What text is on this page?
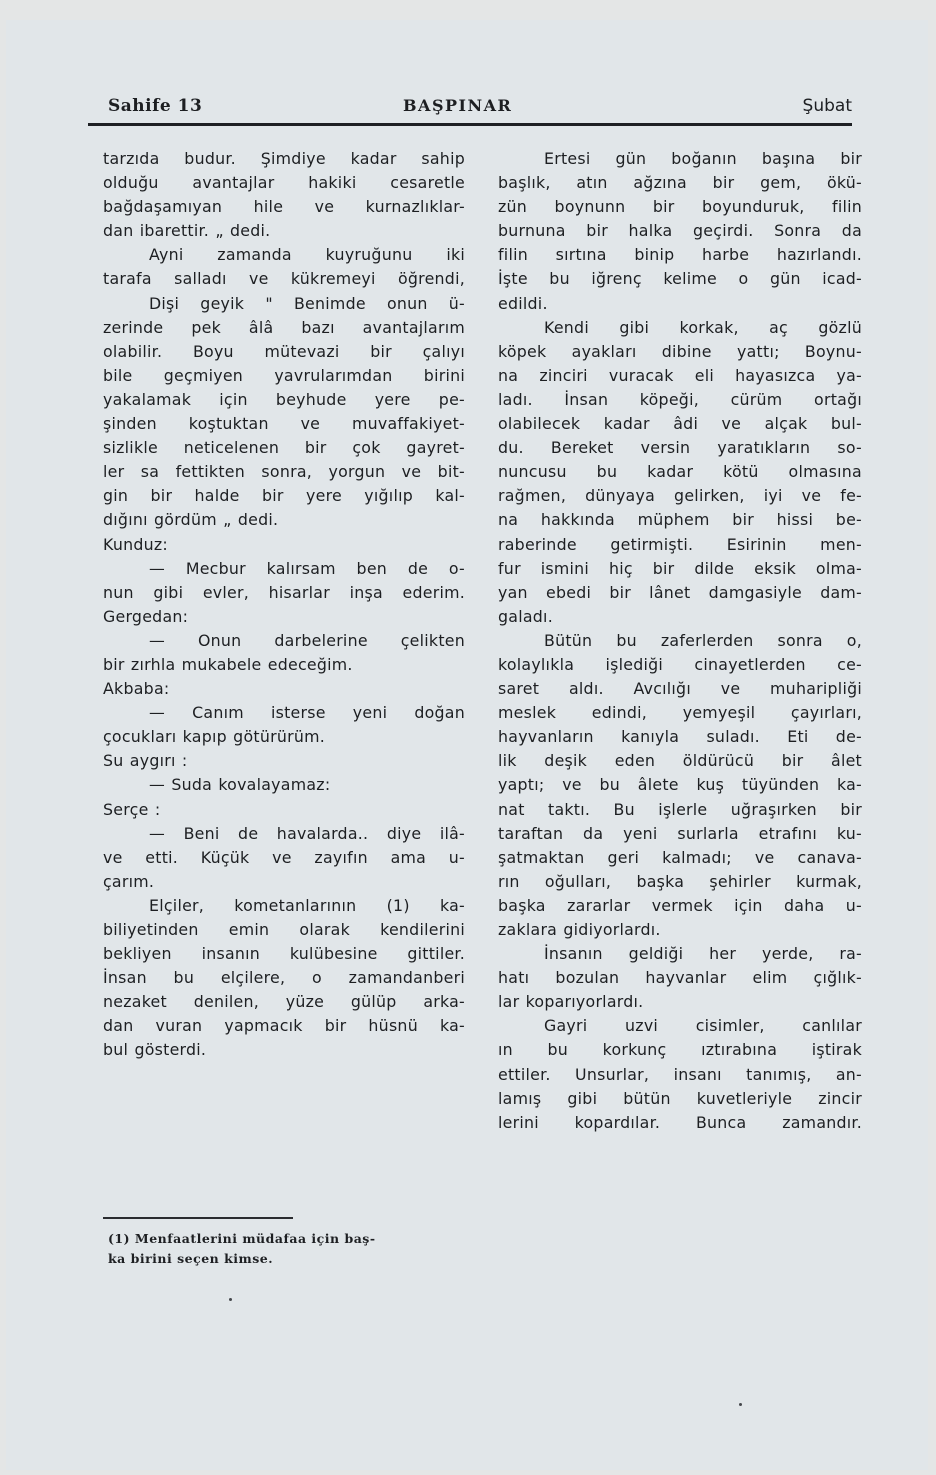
Sahife 13	BAŞPINAR	Şubat
tarzıda budur. Şimdiye kadar sahip
olduğu avantajlar hakiki cesaretle
bağdaşamıyan hile ve kurnazlıklar-
dan ibarettir. „ dedi.
Ayni zamanda kuyruğunu iki
tarafa salladı ve kükremeyi öğrendi,
Dişi geyik " Benimde onun ü-
zerinde pek âlâ bazı avantajlarım
olabilir. Boyu mütevazi bir çalıyı
bile geçmiyen yavrularımdan birini
yakalamak için beyhude yere pe-
şinden koştuktan ve muvaffakiyet-
sizlikle neticelenen bir çok gayret-
ler sa fettikten sonra, yorgun ve bit-
gin bir halde bir yere yığılıp kal-
dığını gördüm „ dedi.
Kunduz:
— Mecbur kalırsam ben de o-
nun gibi evler, hisarlar inşa ederim.
Gergedan:
— Onun darbelerine çelikten
bir zırhla mukabele edeceğim.
Akbaba:
— Canım isterse yeni doğan
çocukları kapıp götürürüm.
Su aygırı :
— Suda kovalayamaz:
Serçe :
— Beni de havalarda.. diye ilâ-
ve etti. Küçük ve zayıfın ama u-
çarım.
Elçiler, kometanlarının (1) ka-
biliyetinden emin olarak kendilerini
bekliyen insanın kulübesine gittiler.
İnsan bu elçilere, o zamandanberi
nezaket denilen, yüze gülüp arka-
dan vuran yapmacık bir hüsnü ka-
bul gösterdi.
Ertesi gün boğanın başına bir
başlık, atın ağzına bir gem, ökü-
zün boynunn bir boyunduruk, filin
burnuna bir halka geçirdi. Sonra da
filin sırtına binip harbe hazırlandı.
İşte bu iğrenç kelime o gün icad-
edildi.
Kendi gibi korkak, aç gözlü
köpek ayakları dibine yattı; Boynu-
na zinciri vuracak eli hayasızca ya-
ladı. İnsan köpeği, cürüm ortağı
olabilecek kadar âdi ve alçak bul-
du. Bereket versin yaratıkların so-
nuncusu bu kadar kötü olmasına
rağmen, dünyaya gelirken, iyi ve fe-
na hakkında müphem bir hissi be-
raberinde getirmişti. Esirinin men-
fur ismini hiç bir dilde eksik olma-
yan ebedi bir lânet damgasiyle dam-
galadı.
Bütün bu zaferlerden sonra o,
kolaylıkla işlediği cinayetlerden ce-
saret aldı. Avcılığı ve muharipliği
meslek edindi, yemyeşil çayırları,
hayvanların kanıyla suladı. Eti de-
lik deşik eden öldürücü bir âlet
yaptı; ve bu âlete kuş tüyünden ka-
nat taktı. Bu işlerle uğraşırken bir
taraftan da yeni surlarla etrafını ku-
şatmaktan geri kalmadı; ve canava-
rın oğulları, başka şehirler kurmak,
başka zararlar vermek için daha u-
zaklara gidiyorlardı.
İnsanın geldiği her yerde, ra-
hatı bozulan hayvanlar elim çığlık-
lar koparıyorlardı.
Gayri uzvi cisimler, canlılar
ın bu korkunç ıztırabına iştirak
ettiler. Unsurlar, insanı tanımış, an-
lamış gibi bütün kuvetleriyle zincir
lerini kopardılar. Bunca zamandır.
(1) Menfaatlerini müdafaa için baş-
ka birini seçen kimse.
